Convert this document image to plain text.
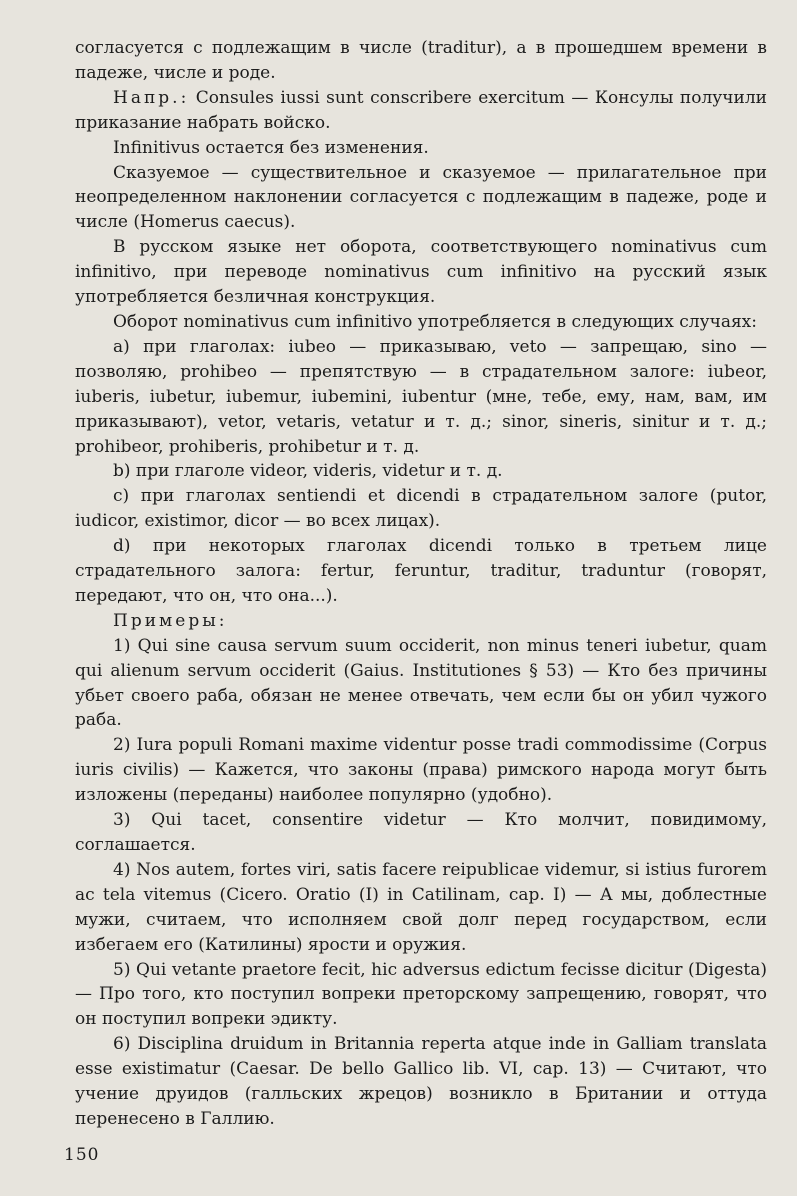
согласуется с подлежащим в числе (traditur), а в прошедшем времени в падеже, числе и роде.

Напр.: Consules iussi sunt conscribere exercitum — Консулы получили приказание набрать войско.

Infinitivus остается без изменения.

Сказуемое — существительное и сказуемое — прилагательное при неопределенном наклонении согласуется с подлежащим в падеже, роде и числе (Homerus caecus).

В русском языке нет оборота, соответствующего nominativus cum infinitivo, при переводе nominativus cum infinitivo на русский язык употребляется безличная конструкция.

Оборот nominativus cum infinitivo употребляется в следующих случаях:

a) при глаголах: iubeo — приказываю, veto — запрещаю, sino — позволяю, prohibeo — препятствую — в страдательном залоге: iubeor, iuberis, iubetur, iubemur, iubemini, iubentur (мне, тебе, ему, нам, вам, им приказывают), vetor, vetaris, vetatur и т. д.; sinor, sineris, sinitur и т. д.; prohibeor, prohiberis, prohibetur и т. д.

b) при глаголе videor, videris, videtur и т. д.

c) при глаголах sentiendi et dicendi в страдательном залоге (putor, iudicor, existimor, dicor — во всех лицах).

d) при некоторых глаголах dicendi только в третьем лице страдательного залога: fertur, feruntur, traditur, traduntur (говорят, передают, что он, что она...).

Примеры:

1) Qui sine causa servum suum occiderit, non minus teneri iubetur, quam qui alienum servum occiderit (Gaius. Institutiones § 53) — Кто без причины убьет своего раба, обязан не менее отвечать, чем если бы он убил чужого раба.

2) Iura populi Romani maxime videntur posse tradi commodissime (Corpus iuris civilis) — Кажется, что законы (права) римского народа могут быть изложены (переданы) наиболее популярно (удобно).

3) Qui tacet, consentire videtur — Кто молчит, повидимому, соглашается.

4) Nos autem, fortes viri, satis facere reipublicae videmur, si istius furorem ac tela vitemus (Cicero. Oratio (I) in Catilinam, cap. I) — А мы, доблестные мужи, считаем, что исполняем свой долг перед государством, если избегаем его (Катилины) ярости и оружия.

5) Qui vetante praetore fecit, hic adversus edictum fecisse dicitur (Digesta) — Про того, кто поступил вопреки преторскому запрещению, говорят, что он поступил вопреки эдикту.

6) Disciplina druidum in Britannia reperta atque inde in Galliam translata esse existimatur (Caesar. De bello Gallico lib. VI, cap. 13) — Считают, что учение друидов (галльских жрецов) возникло в Британии и оттуда перенесено в Галлию.

150
